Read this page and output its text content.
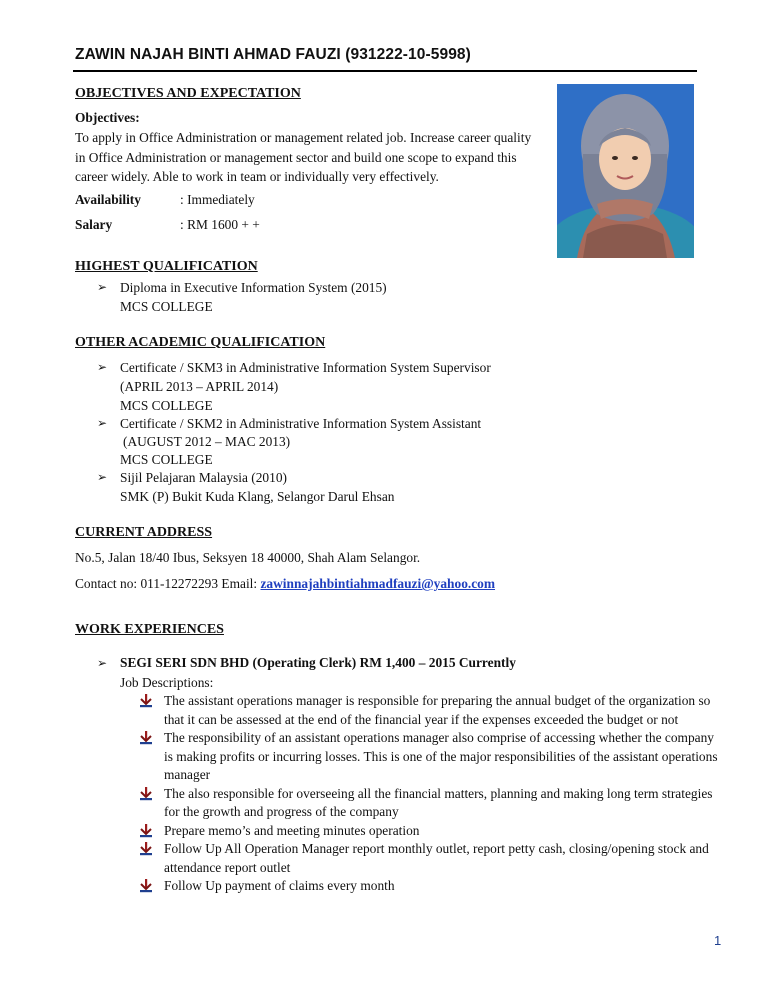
ZAWIN NAJAH BINTI AHMAD FAUZI (931222-10-5998)
OBJECTIVES AND EXPECTATION
Objectives:
To apply in Office Administration or management related job. Increase career quality
in Office Administration or management sector and build one scope to expand this
career widely. Able to work in team or individually very effectively.
Availability	: Immediately
Salary	: RM 1600 + +
HIGHEST QUALIFICATION
➢ Diploma in Executive Information System (2015)
MCS COLLEGE
OTHER ACADEMIC QUALIFICATION
➢ Certificate / SKM3 in Administrative Information System Supervisor
(APRIL 2013 – APRIL 2014)
MCS COLLEGE
➢ Certificate / SKM2 in Administrative Information System Assistant
(AUGUST 2012 – MAC 2013)
MCS COLLEGE
➢ Sijil Pelajaran Malaysia (2010)
SMK (P) Bukit Kuda Klang, Selangor Darul Ehsan
CURRENT ADDRESS
No.5, Jalan 18/40 Ibus, Seksyen 18 40000, Shah Alam Selangor.
Contact no: 011-12272293 Email: zawinnajahbintiahmadfauzi@yahoo.com
WORK EXPERIENCES
➢ SEGI SERI SDN BHD (Operating Clerk) RM 1,400 – 2015 Currently
Job Descriptions:
The assistant operations manager is responsible for preparing the annual budget of the organization so
that it can be assessed at the end of the financial year if the expenses exceeded the budget or not
The responsibility of an assistant operations manager also comprise of accessing whether the company
is making profits or incurring losses. This is one of the major responsibilities of the assistant operations
manager
The also responsible for overseeing all the financial matters, planning and making long term strategies
for the growth and progress of the company
Prepare memo’s and meeting minutes operation
Follow Up All Operation Manager report monthly outlet, report petty cash, closing/opening stock and
attendance report outlet
Follow Up payment of claims every month
1
